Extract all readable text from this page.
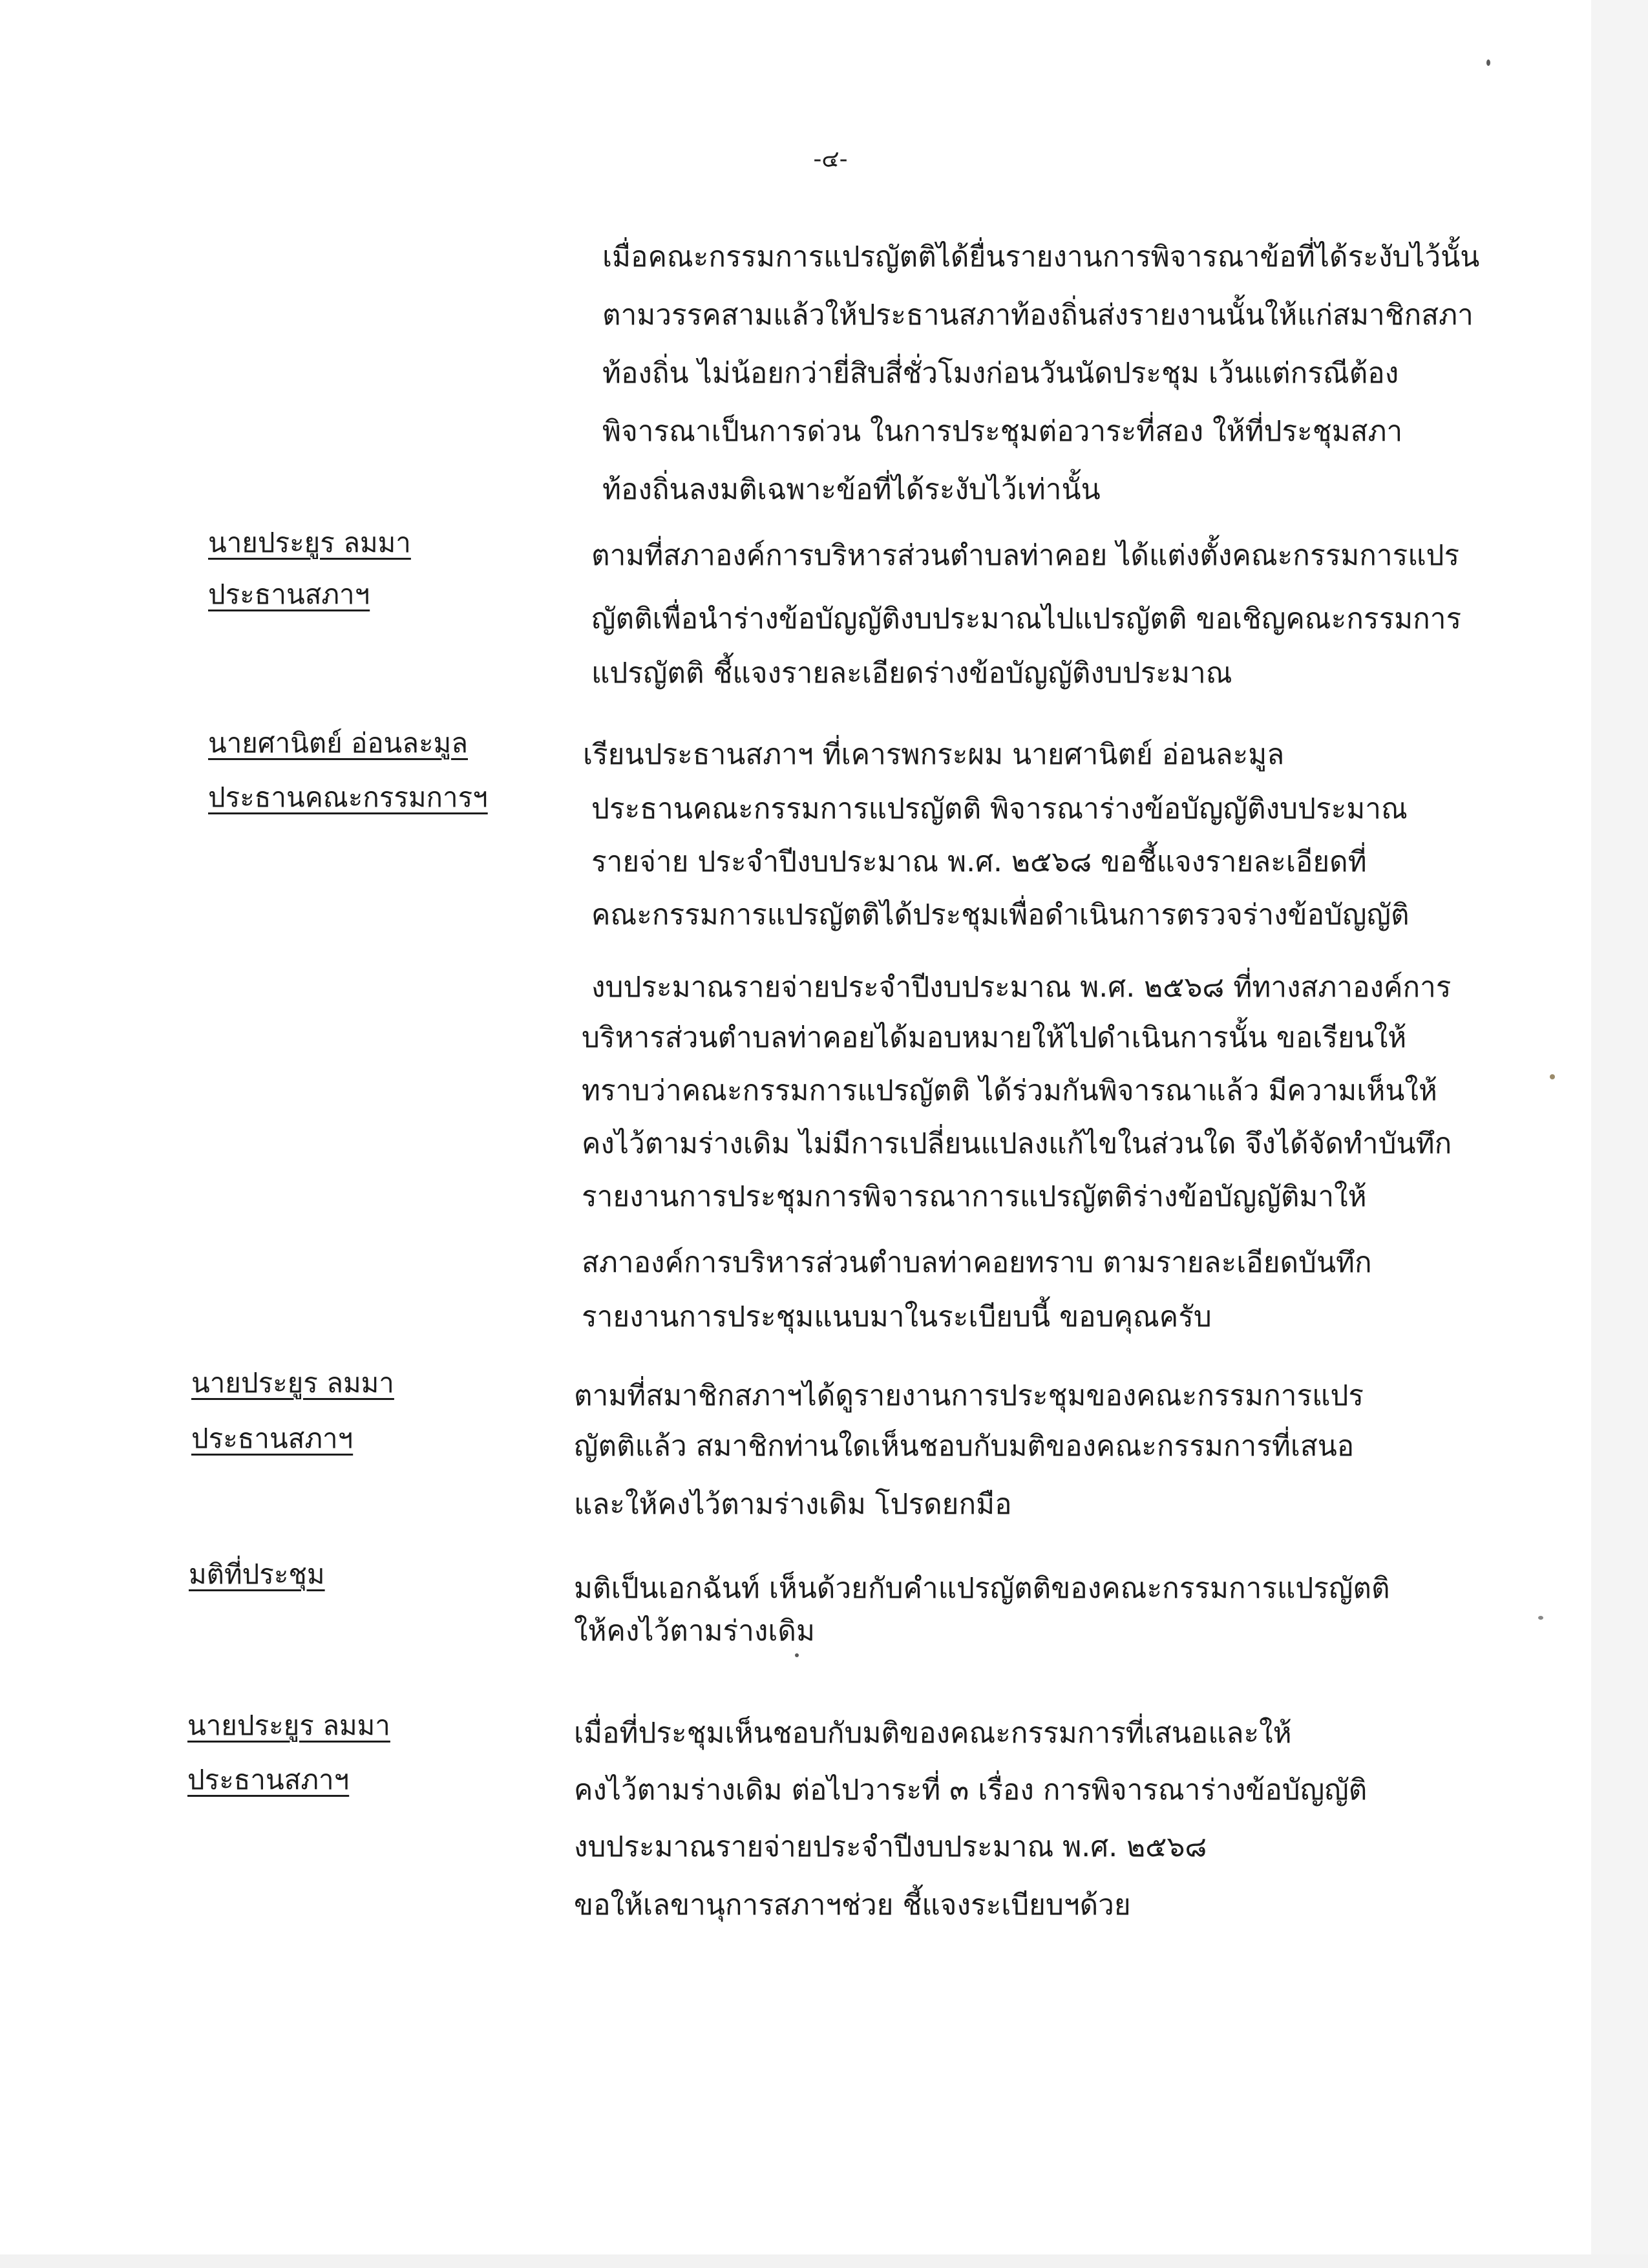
-๔-
เมื่อคณะกรรมการแปรญัตติได้ยื่นรายงานการพิจารณาข้อที่ได้ระงับไว้นั้น
ตามวรรคสามแล้วให้ประธานสภาท้องถิ่นส่งรายงานนั้นให้แก่สมาชิกสภา
ท้องถิ่น ไม่น้อยกว่ายี่สิบสี่ชั่วโมงก่อนวันนัดประชุม เว้นแต่กรณีต้อง
พิจารณาเป็นการด่วน ในการประชุมต่อวาระที่สอง ให้ที่ประชุมสภา
ท้องถิ่นลงมติเฉพาะข้อที่ได้ระงับไว้เท่านั้น
นายประยูร ลมมา
ประธานสภาฯ
ตามที่สภาองค์การบริหารส่วนตำบลท่าคอย ได้แต่งตั้งคณะกรรมการแปร
ญัตติเพื่อนำร่างข้อบัญญัติงบประมาณไปแปรญัตติ ขอเชิญคณะกรรมการ
แปรญัตติ ชี้แจงรายละเอียดร่างข้อบัญญัติงบประมาณ
นายศานิตย์ อ่อนละมูล
ประธานคณะกรรมการฯ
เรียนประธานสภาฯ ที่เคารพกระผม นายศานิตย์ อ่อนละมูล
ประธานคณะกรรมการแปรญัตติ พิจารณาร่างข้อบัญญัติงบประมาณ
รายจ่าย ประจำปีงบประมาณ พ.ศ. ๒๕๖๘ ขอชี้แจงรายละเอียดที่
คณะกรรมการแปรญัตติได้ประชุมเพื่อดำเนินการตรวจร่างข้อบัญญัติ
งบประมาณรายจ่ายประจำปีงบประมาณ พ.ศ. ๒๕๖๘ ที่ทางสภาองค์การ
บริหารส่วนตำบลท่าคอยได้มอบหมายให้ไปดำเนินการนั้น ขอเรียนให้
ทราบว่าคณะกรรมการแปรญัตติ ได้ร่วมกันพิจารณาแล้ว มีความเห็นให้
คงไว้ตามร่างเดิม ไม่มีการเปลี่ยนแปลงแก้ไขในส่วนใด จึงได้จัดทำบันทึก
รายงานการประชุมการพิจารณาการแปรญัตติร่างข้อบัญญัติมาให้
สภาองค์การบริหารส่วนตำบลท่าคอยทราบ ตามรายละเอียดบันทึก
รายงานการประชุมแนบมาในระเบียบนี้ ขอบคุณครับ
นายประยูร ลมมา
ประธานสภาฯ
ตามที่สมาชิกสภาฯได้ดูรายงานการประชุมของคณะกรรมการแปร
ญัตติแล้ว สมาชิกท่านใดเห็นชอบกับมติของคณะกรรมการที่เสนอ
และให้คงไว้ตามร่างเดิม โปรดยกมือ
มติที่ประชุม	มติเป็นเอกฉันท์ เห็นด้วยกับคำแปรญัตติของคณะกรรมการแปรญัตติ
ให้คงไว้ตามร่างเดิม
นายประยูร ลมมา
ประธานสภาฯ
เมื่อที่ประชุมเห็นชอบกับมติของคณะกรรมการที่เสนอและให้
คงไว้ตามร่างเดิม ต่อไปวาระที่ ๓ เรื่อง การพิจารณาร่างข้อบัญญัติ
งบประมาณรายจ่ายประจำปีงบประมาณ พ.ศ. ๒๕๖๘
ขอให้เลขานุการสภาฯช่วย ชี้แจงระเบียบฯด้วย
